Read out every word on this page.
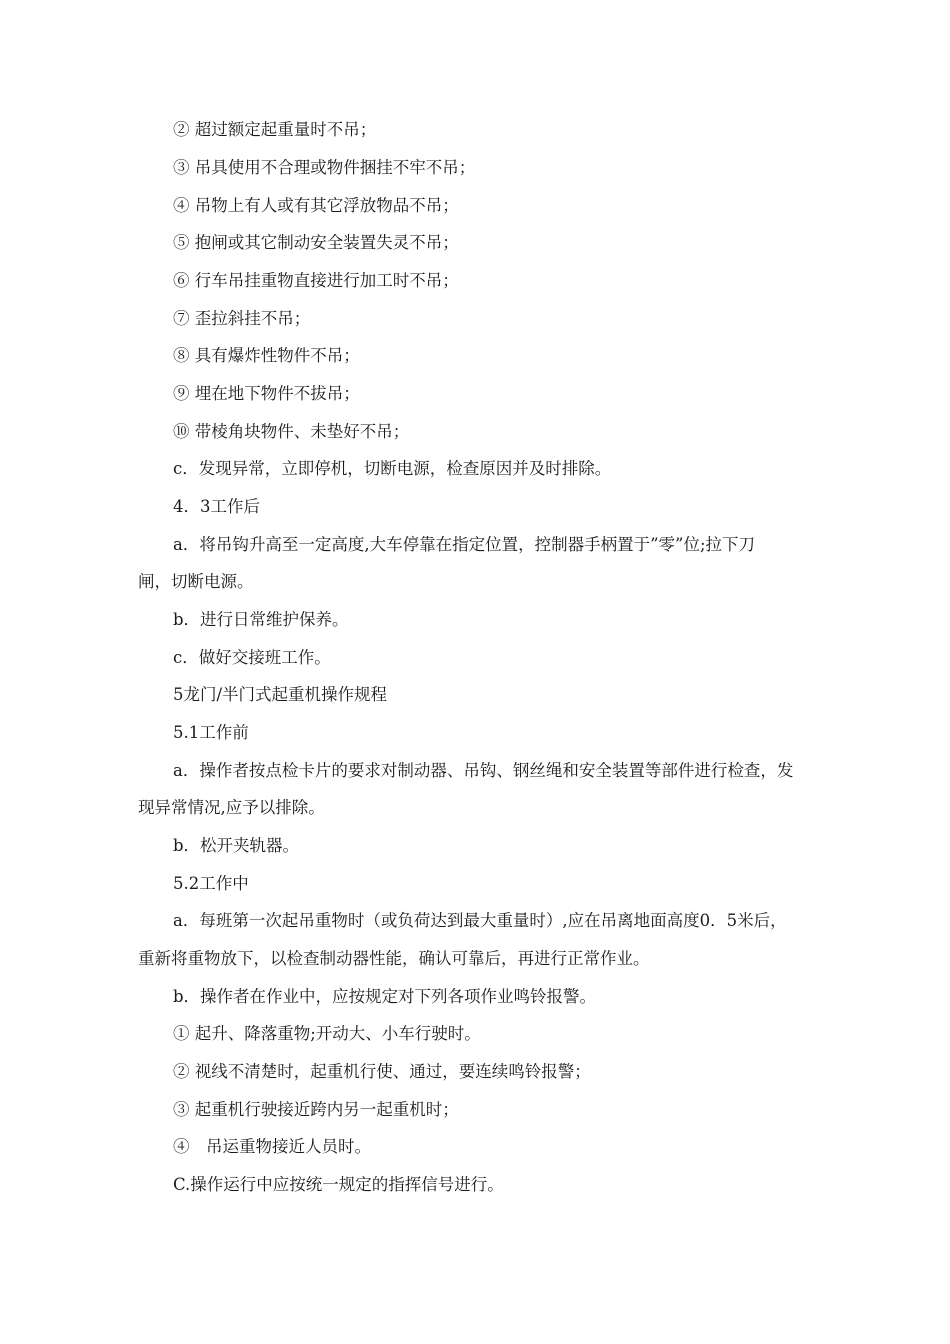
② 超过额定起重量时不吊；
③ 吊具使用不合理或物件捆挂不牢不吊；
④ 吊物上有人或有其它浮放物品不吊；
⑤ 抱闸或其它制动安全装置失灵不吊；
⑥ 行车吊挂重物直接进行加工时不吊；
⑦ 歪拉斜挂不吊；
⑧ 具有爆炸性物件不吊；
⑨ 埋在地下物件不拔吊；
⑩ 带棱角块物件、未垫好不吊；
c．发现异常，立即停机，切断电源，检查原因并及时排除。
4．3工作后
a．将吊钩升高至一定高度,大车停靠在指定位置，控制器手柄置于”零”位;拉下刀
闸，切断电源。
b．进行日常维护保养。
c．做好交接班工作。
5龙门/半门式起重机操作规程
5.1工作前
a．操作者按点检卡片的要求对制动器、吊钩、钢丝绳和安全装置等部件进行检查，发
现异常情况,应予以排除。
b．松开夹轨器。
5.2工作中
a．每班第一次起吊重物时（或负荷达到最大重量时）,应在吊离地面高度0．5米后，
重新将重物放下，以检查制动器性能，确认可靠后，再进行正常作业。
b．操作者在作业中，应按规定对下列各项作业鸣铃报警。
① 起升、降落重物;开动大、小车行驶时。
② 视线不清楚时，起重机行使、通过，要连续鸣铃报警；
③ 起重机行驶接近跨内另一起重机时；
④　吊运重物接近人员时。
C.操作运行中应按统一规定的指挥信号进行。
